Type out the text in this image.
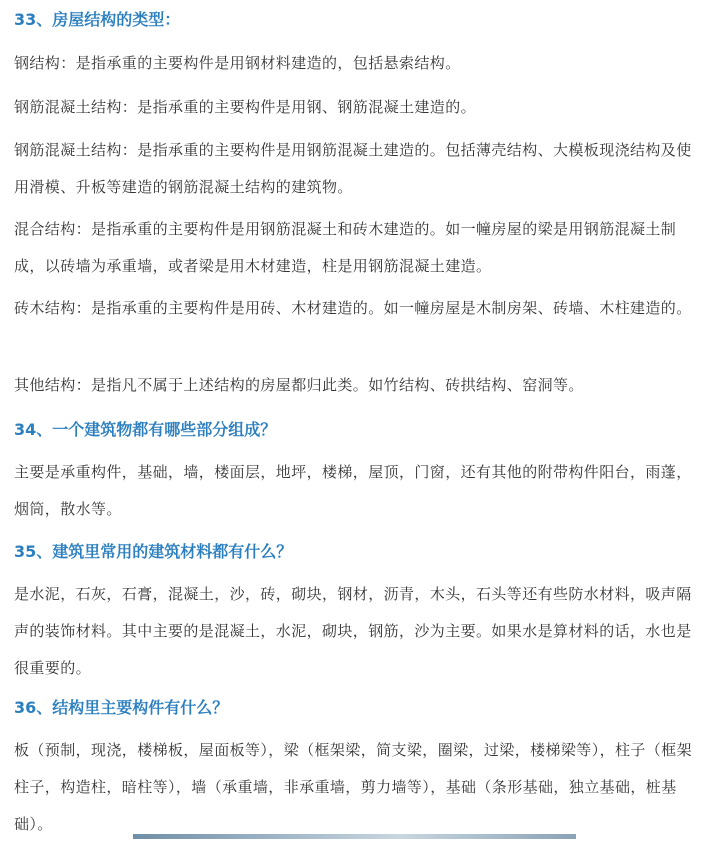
33、房屋结构的类型：

钢结构：是指承重的主要构件是用钢材料建造的，包括悬索结构。

钢筋混凝土结构：是指承重的主要构件是用钢、钢筋混凝土建造的。

钢筋混凝土结构：是指承重的主要构件是用钢筋混凝土建造的。包括薄壳结构、大模板现浇结构及使用滑模、升板等建造的钢筋混凝土结构的建筑物。

混合结构：是指承重的主要构件是用钢筋混凝土和砖木建造的。如一幢房屋的梁是用钢筋混凝土制成，以砖墙为承重墙，或者梁是用木材建造，柱是用钢筋混凝土建造。

砖木结构：是指承重的主要构件是用砖、木材建造的。如一幢房屋是木制房架、砖墙、木柱建造的。

其他结构：是指凡不属于上述结构的房屋都归此类。如竹结构、砖拱结构、窑洞等。

34、一个建筑物都有哪些部分组成？

主要是承重构件，基础，墙，楼面层，地坪，楼梯，屋顶，门窗，还有其他的附带构件阳台，雨蓬，烟筒，散水等。

35、建筑里常用的建筑材料都有什么？

是水泥，石灰，石膏，混凝土，沙，砖，砌块，钢材，沥青，木头，石头等还有些防水材料，吸声隔声的装饰材料。其中主要的是混凝土，水泥，砌块，钢筋，沙为主要。如果水是算材料的话，水也是很重要的。

36、结构里主要构件有什么？

板（预制，现浇，楼梯板，屋面板等），梁（框架梁，简支梁，圈梁，过梁，楼梯梁等），柱子（框架柱子，构造柱，暗柱等），墙（承重墙，非承重墙，剪力墙等），基础（条形基础，独立基础，桩基础）。
